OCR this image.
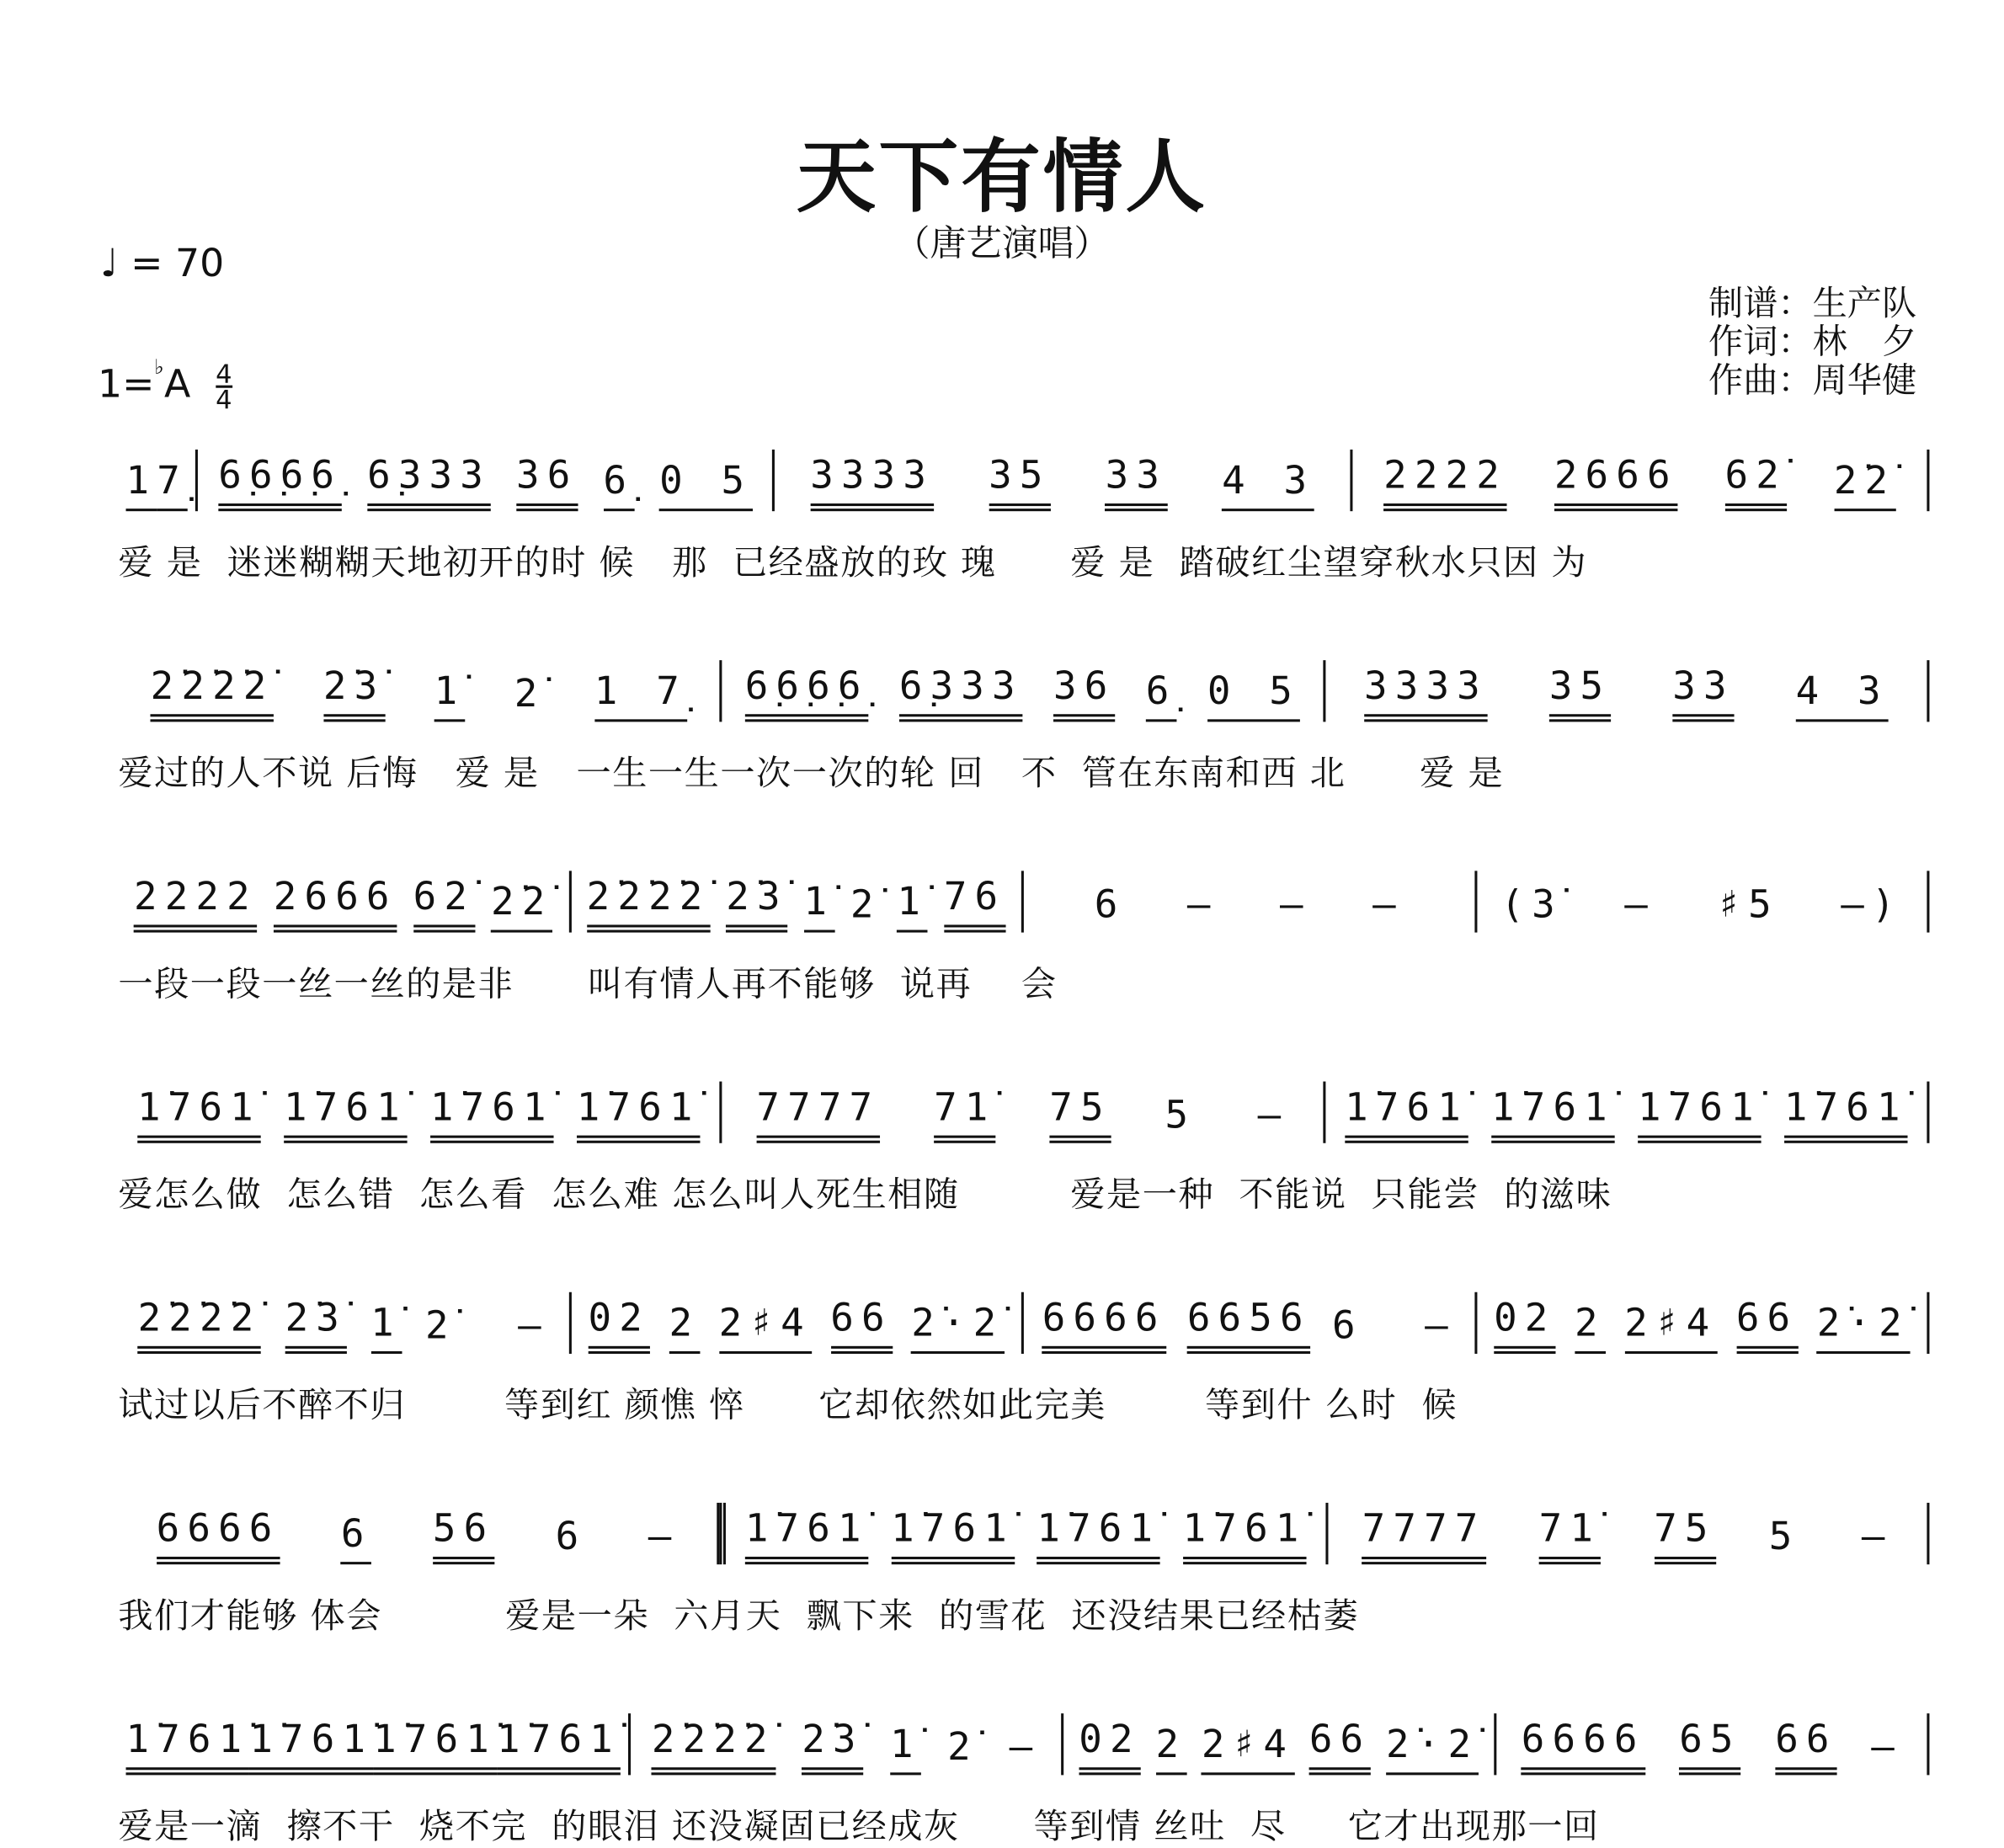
天下有情人
（唐艺演唱）
♩ = 70
$1=^♭A \frac{4}{4}$
制谱：生产队
作词：林　夕
作曲：周华健
1 7̣ 6̣6̣6̣6̣ 6̣333 36 6̣ 0 5 3333 35 33 4 3	2222 2666 62̇ 2̇2̇
爱 是  迷迷糊糊天地初开的时 候   那  已经盛放的玫 瑰      爱 是  踏破红尘望穿秋水只因 为
2̇2̇2̇2̇ 2̇3̇ 1̇ 2̇ 1 7̣ 6̣6̣6̣6̣ 6̣333 36 6̣ 0 5	3333 35 33 4 3
爱过的人不说 后悔   爱 是   一生一生一次一次的轮 回   不  管在东南和西 北      爱 是
2222 2666 62̇ 2̇2̇ 2̇2̇2̇2̇ 2̇3̇ 1̇ 2̇ 1̇ 76	6  –  –  –	(3̇  –  ♯5  –)
一段一段一丝一丝的是非      叫有情人再不能够  说再    会
1̇761̇ 1̇761̇ 1̇761̇ 1̇761̇ 7777 71̇ 75 5  – 1̇761̇ 1̇761̇ 1̇761̇ 1̇761̇
爱怎么做  怎么错  怎么看  怎么难 怎么叫人死生相随         爱是一种  不能说  只能尝  的滋味
2̇2̇2̇2̇ 2̇3̇ 1̇ 2̇  – 02 2 2♯4 66 2̇·2̇ 6666 6656 6  – 02 2 2♯4 66 2̇·2̇
试过以后不醉不归        等到红 颜憔 悴      它却依然如此完美        等到什 么时  候
6666 6 56 6  –	1̇761̇ 1̇761̇ 1̇761̇ 1̇761̇ 7777 71̇ 75 5  –
我们才能够 体会          爱是一朵  六月天  飘下来  的雪花  还没结果已经枯萎
1̇761̇ 1̇761̇ 1̇761̇ 1̇761̇ 2̇2̇2̇2̇ 2̇3̇ 1̇ 2̇ – 02 2 2♯4 66 2̇·2̇ 6666 65 66 –
爱是一滴  擦不干  烧不完  的眼泪 还没凝固已经成灰      等到情 丝吐  尽     它才出现那一回
